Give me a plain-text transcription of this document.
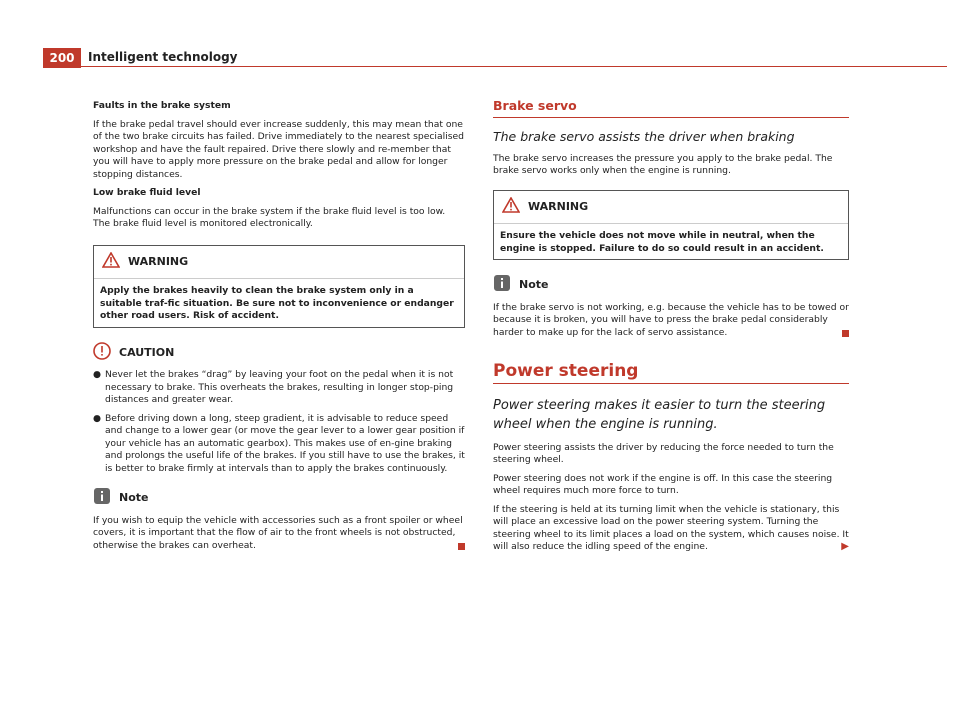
200	Intelligent technology

Faults in the brake system

If the brake pedal travel should ever increase suddenly, this may mean that one of the two brake circuits has failed. Drive immediately to the nearest specialised workshop and have the fault repaired. Drive there slowly and re-member that you will have to apply more pressure on the brake pedal and allow for longer stopping distances.

Low brake fluid level

Malfunctions can occur in the brake system if the brake fluid level is too low. The brake fluid level is monitored electronically.

WARNING
Apply the brakes heavily to clean the brake system only in a suitable traf-fic situation. Be sure not to inconvenience or endanger other road users. Risk of accident.
CAUTION
● Never let the brakes “drag” by leaving your foot on the pedal when it is not necessary to brake. This overheats the brakes, resulting in longer stop-ping distances and greater wear.
● Before driving down a long, steep gradient, it is advisable to reduce speed and change to a lower gear (or move the gear lever to a lower gear position if your vehicle has an automatic gearbox). This makes use of en-gine braking and prolongs the useful life of the brakes. If you still have to use the brakes, it is better to brake firmly at intervals than to apply the brakes continuously.
Note

If you wish to equip the vehicle with accessories such as a front spoiler or wheel covers, it is important that the flow of air to the front wheels is not obstructed, otherwise the brakes can overheat.

Brake servo
The brake servo assists the driver when braking

The brake servo increases the pressure you apply to the brake pedal. The brake servo works only when the engine is running.

WARNING
Ensure the vehicle does not move while in neutral, when the engine is stopped. Failure to do so could result in an accident.
Note

If the brake servo is not working, e.g. because the vehicle has to be towed or because it is broken, you will have to press the brake pedal considerably harder to make up for the lack of servo assistance.

Power steering
Power steering makes it easier to turn the steering wheel when the engine is running.

Power steering assists the driver by reducing the force needed to turn the steering wheel.

Power steering does not work if the engine is off. In this case the steering wheel requires much more force to turn.

If the steering is held at its turning limit when the vehicle is stationary, this will place an excessive load on the power steering system. Turning the steering wheel to its limit places a load on the system, which causes noise. It will also reduce the idling speed of the engine.	▶
